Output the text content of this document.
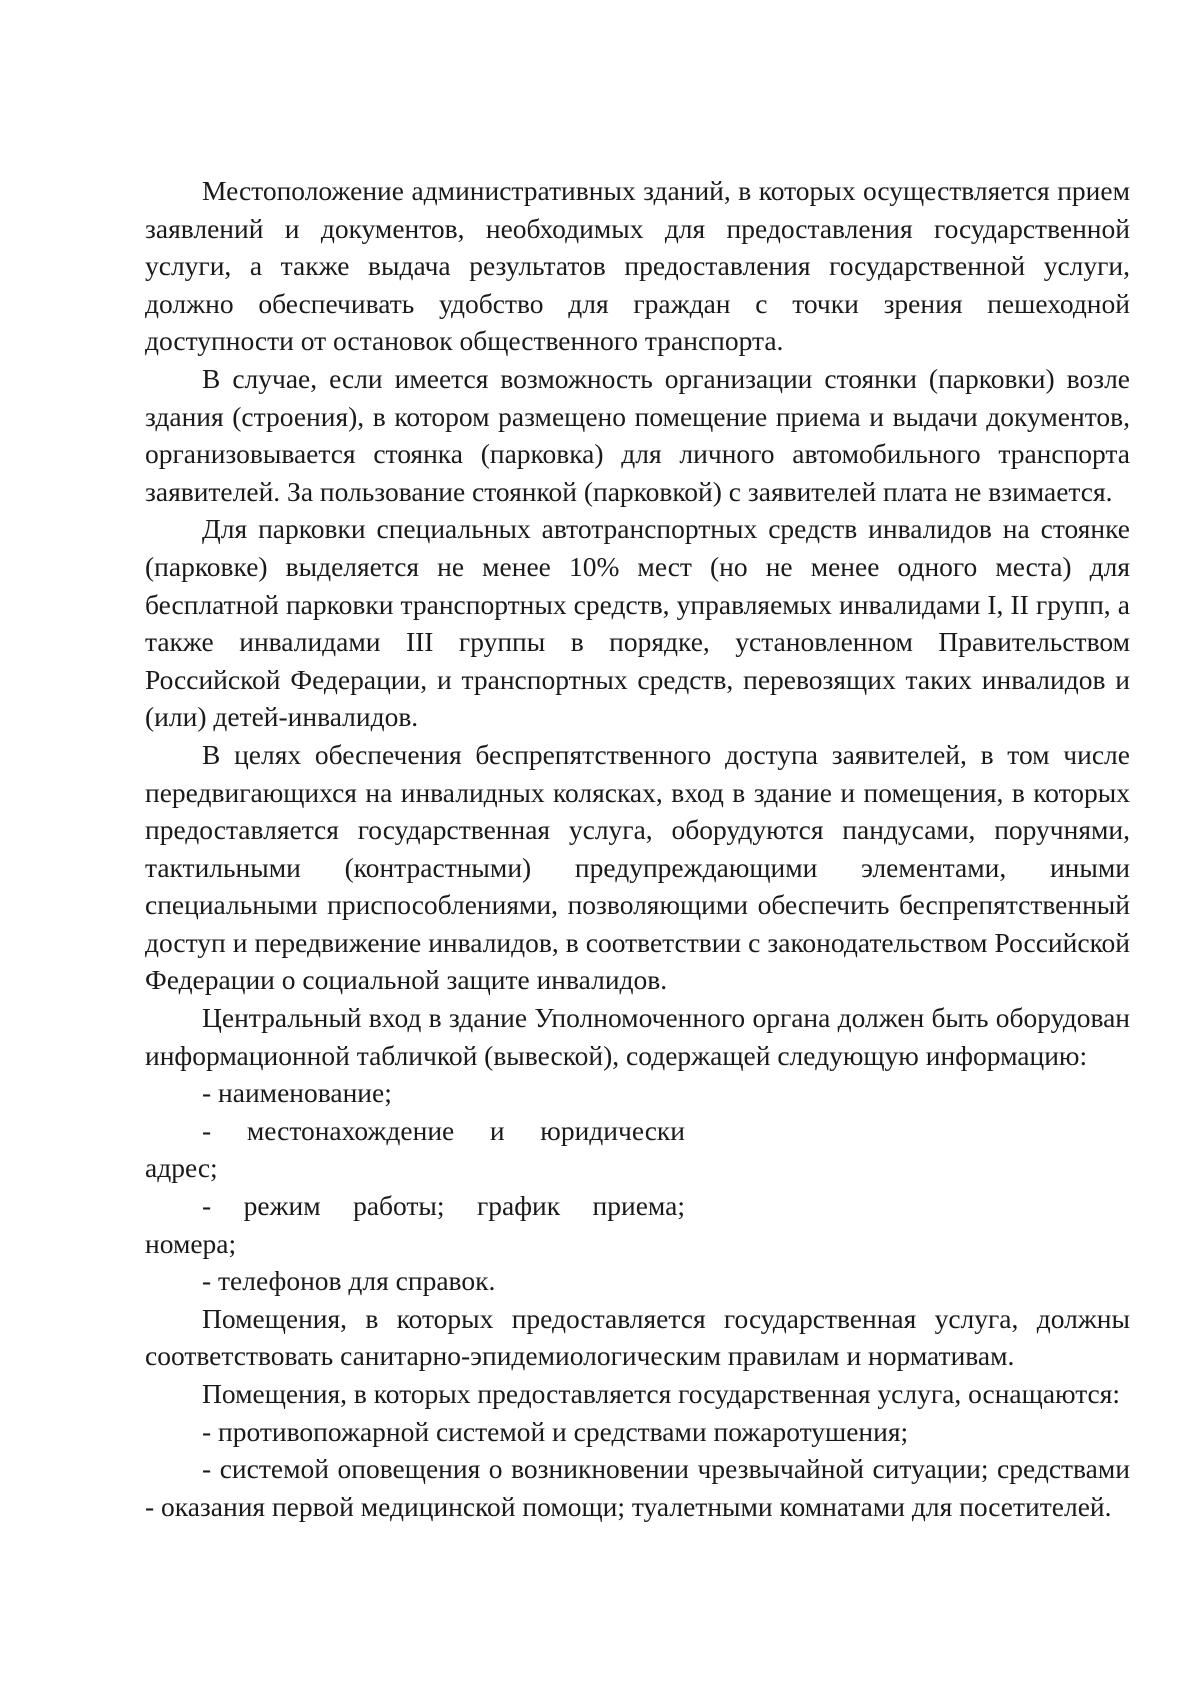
Местоположение административных зданий, в которых осуществляется прием заявлений и документов, необходимых для предоставления государственной услуги, а также выдача результатов предоставления государственной услуги, должно обеспечивать удобство для граждан с точки зрения пешеходной доступности от остановок общественного транспорта.

В случае, если имеется возможность организации стоянки (парковки) возле здания (строения), в котором размещено помещение приема и выдачи документов, организовывается стоянка (парковка) для личного автомобильного транспорта заявителей. За пользование стоянкой (парковкой) с заявителей плата не взимается.

Для парковки специальных автотранспортных средств инвалидов на стоянке (парковке) выделяется не менее 10% мест (но не менее одного места) для бесплатной парковки транспортных средств, управляемых инвалидами I, II групп, а также инвалидами III группы в порядке, установленном Правительством Российской Федерации, и транспортных средств, перевозящих таких инвалидов и (или) детей-инвалидов.

В целях обеспечения беспрепятственного доступа заявителей, в том числе передвигающихся на инвалидных колясках, вход в здание и помещения, в которых предоставляется государственная услуга, оборудуются пандусами, поручнями, тактильными (контрастными) предупреждающими элементами, иными специальными приспособлениями, позволяющими обеспечить беспрепятственный доступ и передвижение инвалидов, в соответствии с законодательством Российской Федерации о социальной защите инвалидов.

Центральный вход в здание Уполномоченного органа должен быть оборудован информационной табличкой (вывеской), содержащей следующую информацию:

- наименование;

- местонахождение и юридически

адрес;

- режим работы; график приема;

номера;

- телефонов для справок.

Помещения, в которых предоставляется государственная услуга, должны соответствовать санитарно-эпидемиологическим правилам и нормативам.

Помещения, в которых предоставляется государственная услуга, оснащаются:

- противопожарной системой и средствами пожаротушения;

- системой оповещения о возникновении чрезвычайной ситуации; средствами - оказания первой медицинской помощи; туалетными комнатами для посетителей.
